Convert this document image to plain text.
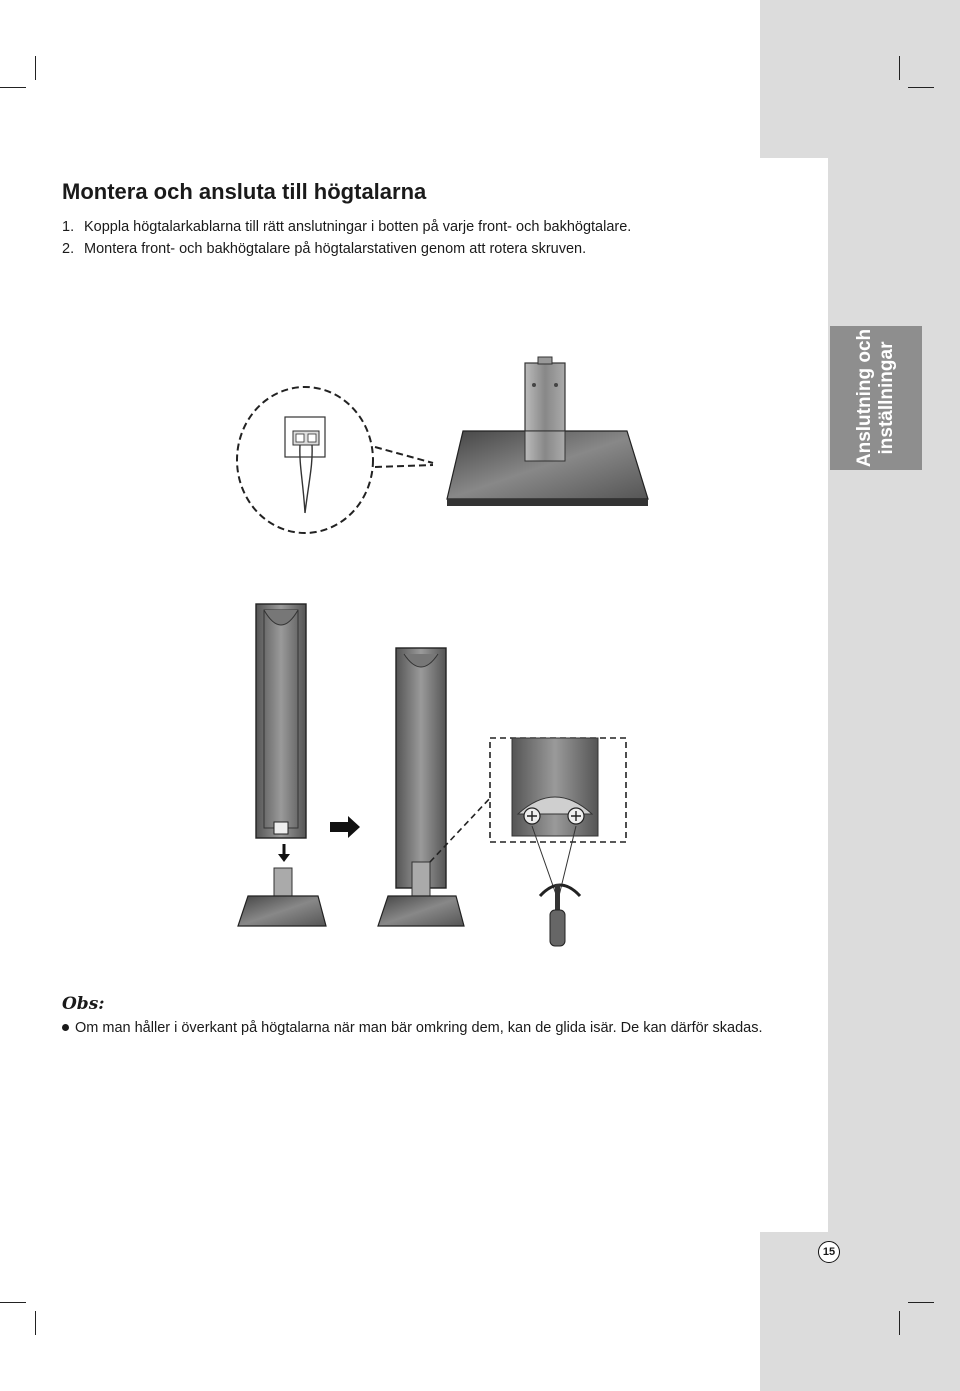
Anslutning och inställningar
Montera och ansluta till högtalarna
1. Koppla högtalarkablarna till rätt anslutningar i botten på varje front- och bakhögtalare.
2. Montera front- och bakhögtalare på högtalarstativen genom att rotera skruven.
Obs:
Om man håller i överkant på högtalarna när man bär omkring dem, kan de glida isär. De kan därför skadas.
15
